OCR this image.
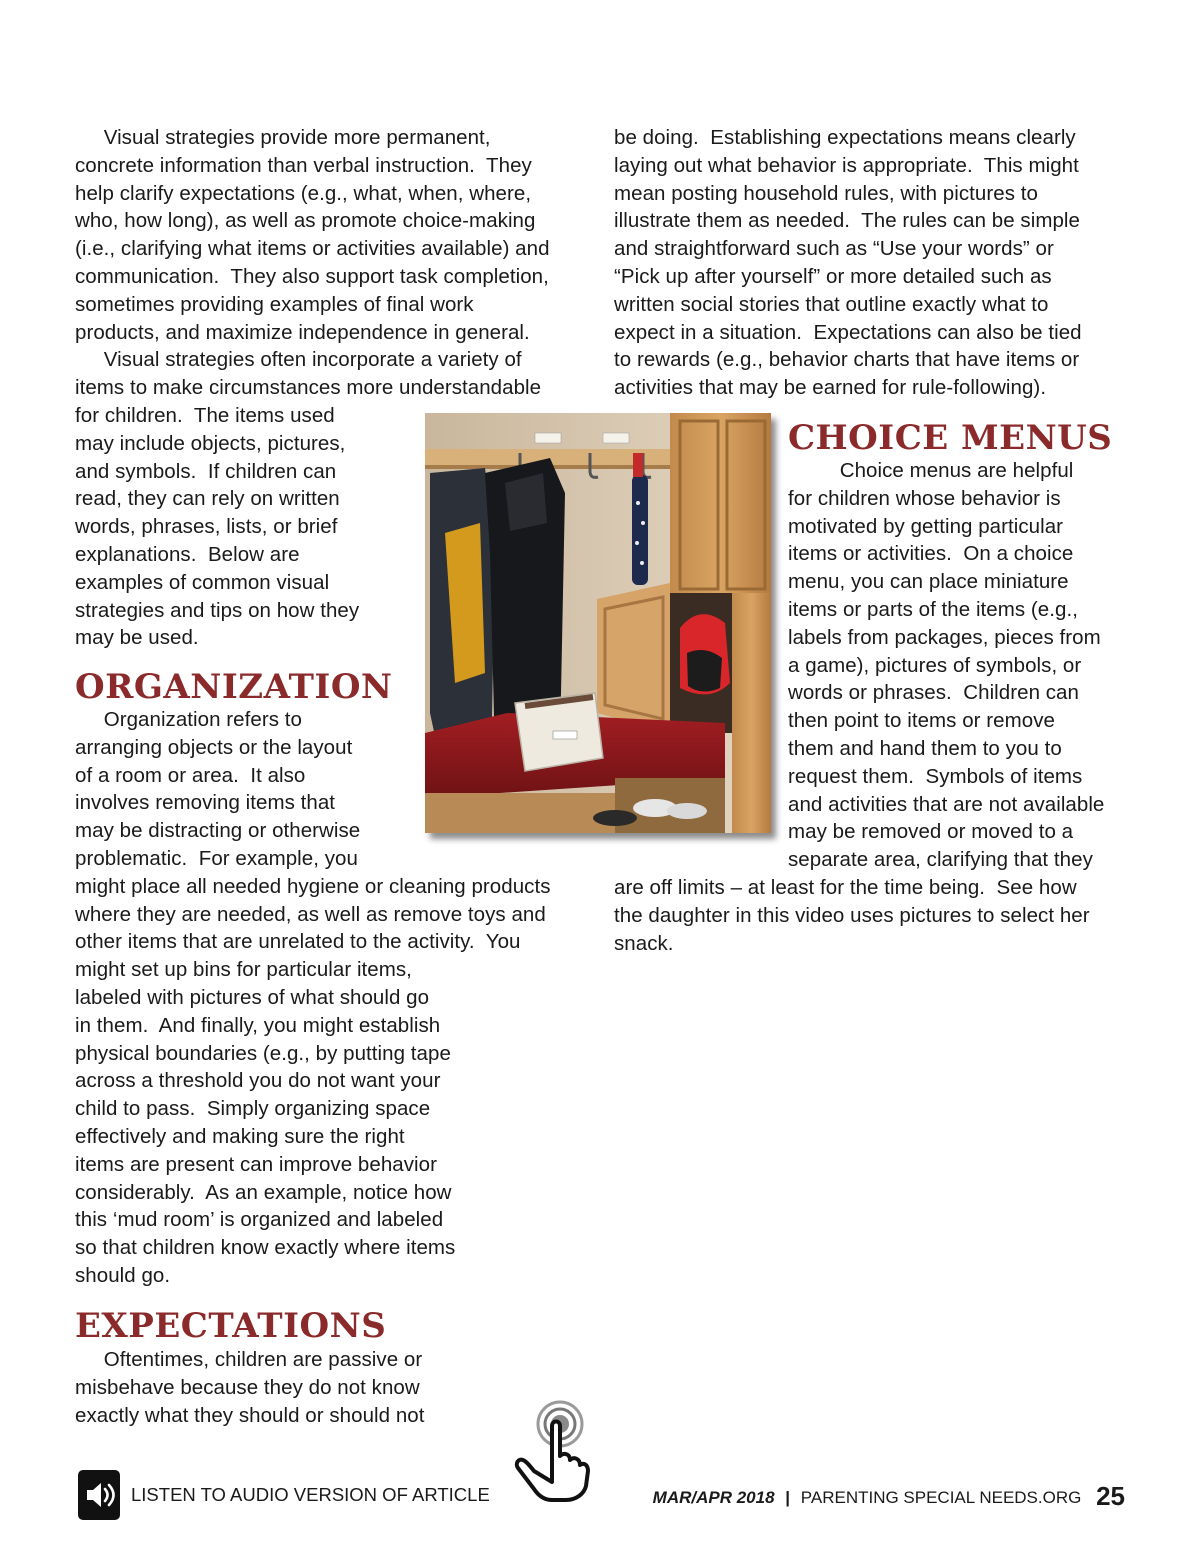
Visual strategies provide more permanent,
concrete information than verbal instruction.  They
help clarify expectations (e.g., what, when, where,
who, how long), as well as promote choice-making
(i.e., clarifying what items or activities available) and
communication.  They also support task completion,
sometimes providing examples of final work
products, and maximize independence in general.
Visual strategies often incorporate a variety of
items to make circumstances more understandable
for children.  The items used
may include objects, pictures,
and symbols.  If children can
read, they can rely on written
words, phrases, lists, or brief
explanations.  Below are
examples of common visual
strategies and tips on how they
may be used.
ORGANIZATION
Organization refers to
arranging objects or the layout
of a room or area.  It also
involves removing items that
may be distracting or otherwise
problematic.  For example, you
might place all needed hygiene or cleaning products
where they are needed, as well as remove toys and
other items that are unrelated to the activity.  You
might set up bins for particular items,
labeled with pictures of what should go
in them.  And finally, you might establish
physical boundaries (e.g., by putting tape
across a threshold you do not want your
child to pass.  Simply organizing space
effectively and making sure the right
items are present can improve behavior
considerably.  As an example, notice how
this ‘mud room’ is organized and labeled
so that children know exactly where items
should go.
EXPECTATIONS
Oftentimes, children are passive or
misbehave because they do not know
exactly what they should or should not
be doing.  Establishing expectations means clearly
laying out what behavior is appropriate.  This might
mean posting household rules, with pictures to
illustrate them as needed.  The rules can be simple
and straightforward such as “Use your words” or
“Pick up after yourself” or more detailed such as
written social stories that outline exactly what to
expect in a situation.  Expectations can also be tied
to rewards (e.g., behavior charts that have items or
activities that may be earned for rule-following).
CHOICE MENUS
Choice menus are helpful
for children whose behavior is
motivated by getting particular
items or activities.  On a choice
menu, you can place miniature
items or parts of the items (e.g.,
labels from packages, pieces from
a game), pictures of symbols, or
words or phrases.  Children can
then point to items or remove
them and hand them to you to
request them.  Symbols of items
and activities that are not available
may be removed or moved to a
separate area, clarifying that they
are off limits – at least for the time being.  See how
the daughter in this video uses pictures to select her
snack.
LISTEN TO AUDIO VERSION OF ARTICLE	MAR/APR 2018 | PARENTING SPECIAL NEEDS.ORG 25
